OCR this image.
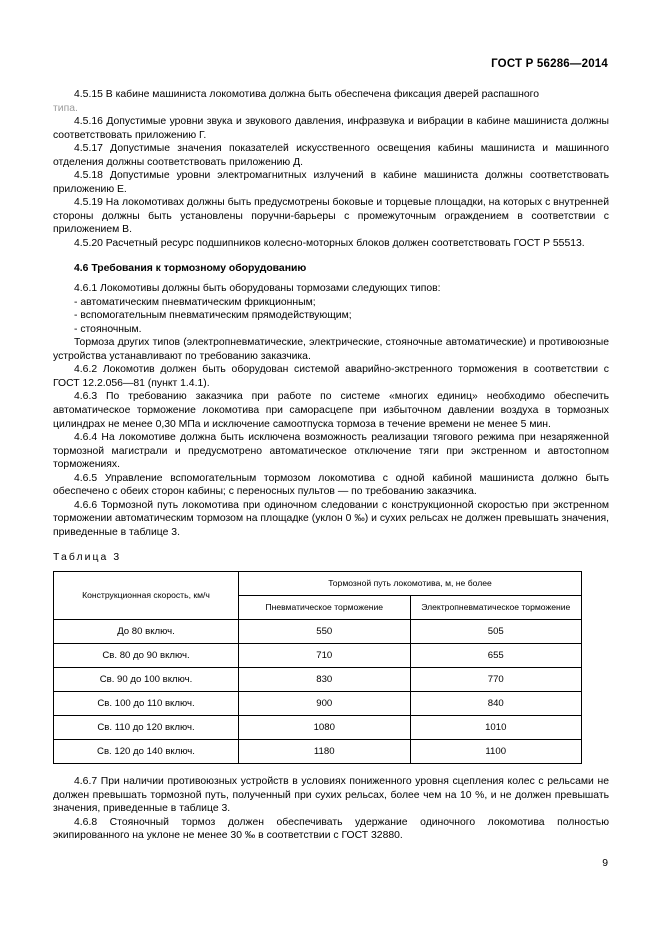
ГОСТ Р 56286—2014

4.5.15 В кабине машиниста локомотива должна быть обеспечена фиксация дверей распашного

типа.

4.5.16 Допустимые уровни звука и звукового давления, инфразвука и вибрации в кабине машиниста должны соответствовать приложению Г.

4.5.17 Допустимые значения показателей искусственного освещения кабины машиниста и машинного отделения должны соответствовать приложению Д.

4.5.18 Допустимые уровни электромагнитных излучений в кабине машиниста должны соответствовать приложению Е.

4.5.19 На локомотивах должны быть предусмотрены боковые и торцевые площадки, на которых с внутренней стороны должны быть установлены поручни-барьеры с промежуточным ограждением в соответствии с приложением В.

4.5.20 Расчетный ресурс подшипников колесно-моторных блоков должен соответствовать ГОСТ Р 55513.

4.6 Требования к тормозному оборудованию

4.6.1 Локомотивы должны быть оборудованы тормозами следующих типов:

- автоматическим пневматическим фрикционным;

- вспомогательным пневматическим прямодействующим;

- стояночным.

Тормоза других типов (электропневматические, электрические, стояночные автоматические) и противоюзные устройства устанавливают по требованию заказчика.

4.6.2 Локомотив должен быть оборудован системой аварийно-экстренного торможения в соответствии с ГОСТ 12.2.056—81 (пункт 1.4.1).

4.6.3 По требованию заказчика при работе по системе «многих единиц» необходимо обеспечить автоматическое торможение локомотива при саморасцепе при избыточном давлении воздуха в тормозных цилиндрах не менее 0,30 МПа и исключение самоотпуска тормоза в течение времени не менее 5 мин.

4.6.4 На локомотиве должна быть исключена возможность реализации тягового режима при незаряженной тормозной магистрали и предусмотрено автоматическое отключение тяги при экстренном и автостопном торможениях.

4.6.5 Управление вспомогательным тормозом локомотива с одной кабиной машиниста должно быть обеспечено с обеих сторон кабины; с переносных пультов — по требованию заказчика.

4.6.6 Тормозной путь локомотива при одиночном следовании с конструкционной скоростью при экстренном торможении автоматическим тормозом на площадке (уклон 0 ‰) и сухих рельсах не должен превышать значения, приведенные в таблице 3.

Таблица 3
Конструкционная скорость, км/ч	Тормозной путь локомотива, м, не более	
	Пневматическое торможение	Электропневматическое торможение
До 80 включ.	550	505
Св. 80 до 90 включ.	710	655
Св. 90 до 100 включ.	830	770
Св. 100 до 110 включ.	900	840
Св. 110 до 120 включ.	1080	1010
Св. 120 до 140 включ.	1180	1100

4.6.7 При наличии противоюзных устройств в условиях пониженного уровня сцепления колес с рельсами не должен превышать тормозной путь, полученный при сухих рельсах, более чем на 10 %, и не должен превышать значения, приведенные в таблице 3.

4.6.8 Стояночный тормоз должен обеспечивать удержание одиночного локомотива полностью экипированного на уклоне не менее 30 ‰ в соответствии с ГОСТ 32880.

9
